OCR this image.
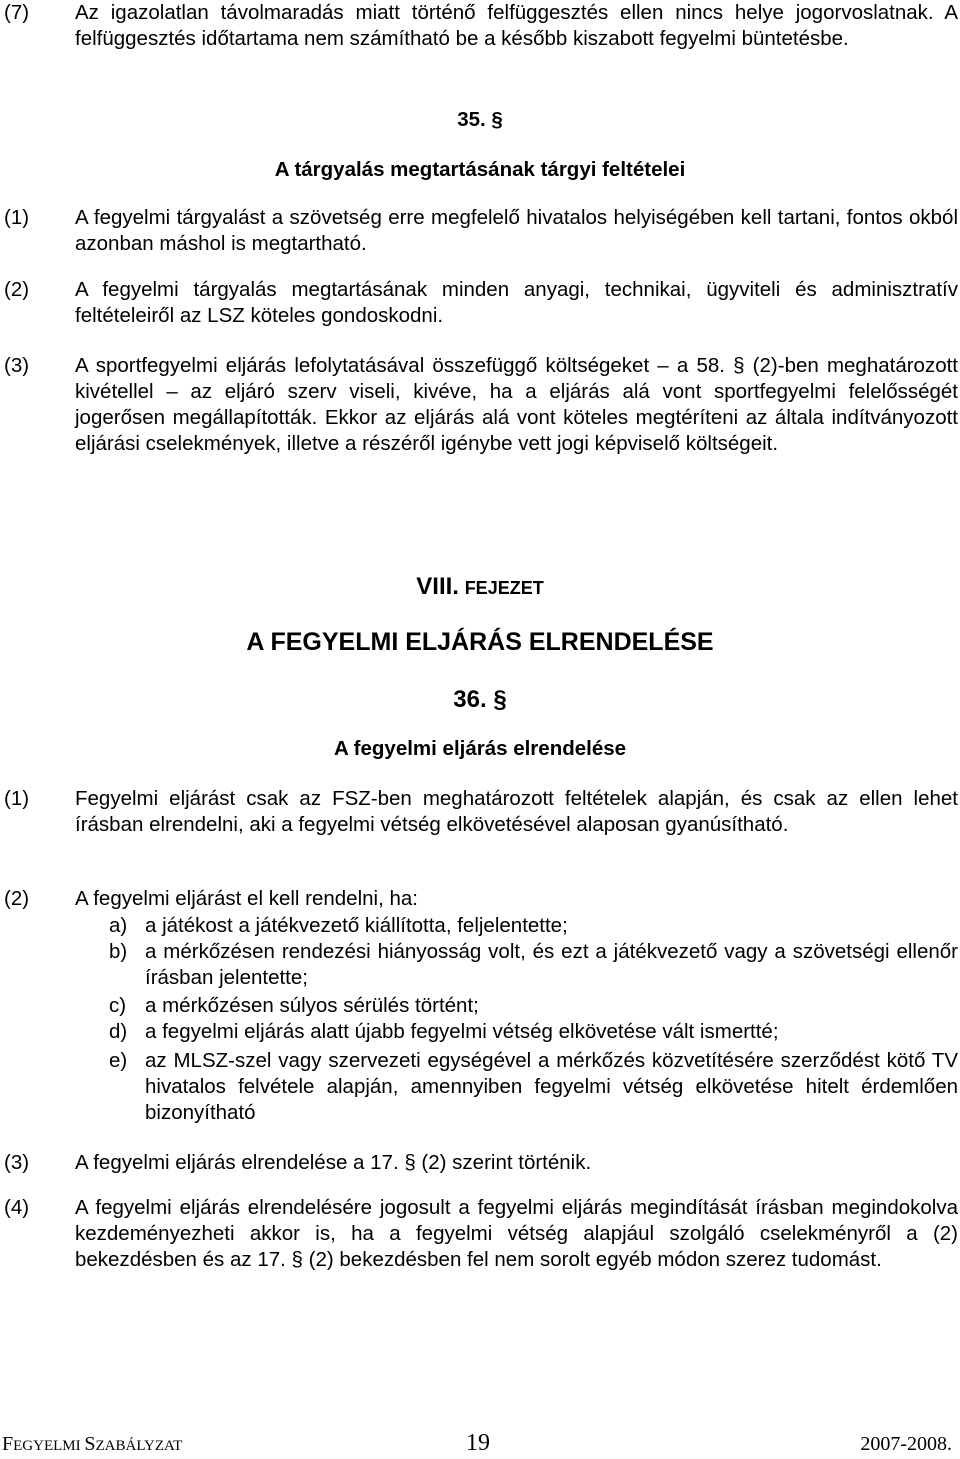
(7) Az igazolatlan távolmaradás miatt történő felfüggesztés ellen nincs helye jogorvoslatnak. A felfüggesztés időtartama nem számítható be a később kiszabott fegyelmi büntetésbe.
35. §
A tárgyalás megtartásának tárgyi feltételei
(1) A fegyelmi tárgyalást a szövetség erre megfelelő hivatalos helyiségében kell tartani, fontos okból azonban máshol is megtartható.
(2) A fegyelmi tárgyalás megtartásának minden anyagi, technikai, ügyviteli és adminisztratív feltételeiről az LSZ köteles gondoskodni.
(3) A sportfegyelmi eljárás lefolytatásával összefüggő költségeket – a 58. § (2)-ben meghatározott kivétellel – az eljáró szerv viseli, kivéve, ha a eljárás alá vont sportfegyelmi felelősségét jogerősen megállapították. Ekkor az eljárás alá vont köteles megtéríteni az általa indítványozott eljárási cselekmények, illetve a részéről igénybe vett jogi képviselő költségeit.
VIII. FEJEZET
A FEGYELMI ELJÁRÁS ELRENDELÉSE
36. §
A fegyelmi eljárás elrendelése
(1) Fegyelmi eljárást csak az FSZ-ben meghatározott feltételek alapján, és csak az ellen lehet írásban elrendelni, aki a fegyelmi vétség elkövetésével alaposan gyanúsítható.
(2) A fegyelmi eljárást el kell rendelni, ha:
a) a játékost a játékvezető kiállította, feljelentette;
b) a mérkőzésen rendezési hiányosság volt, és ezt a játékvezető vagy a szövetségi ellenőr írásban jelentette;
c) a mérkőzésen súlyos sérülés történt;
d) a fegyelmi eljárás alatt újabb fegyelmi vétség elkövetése vált ismertté;
e) az MLSZ-szel vagy szervezeti egységével a mérkőzés közvetítésére szerződést kötő TV hivatalos felvétele alapján, amennyiben fegyelmi vétség elkövetése hitelt érdemlően bizonyítható
(3) A fegyelmi eljárás elrendelése a 17. § (2) szerint történik.
(4) A fegyelmi eljárás elrendelésére jogosult a fegyelmi eljárás megindítását írásban megindokolva kezdeményezheti akkor is, ha a fegyelmi vétség alapjául szolgáló cselekményről a (2) bekezdésben és az 17. § (2) bekezdésben fel nem sorolt egyéb módon szerez tudomást.
FEGYELMI SZABÁLYZAT	19	2007-2008.
